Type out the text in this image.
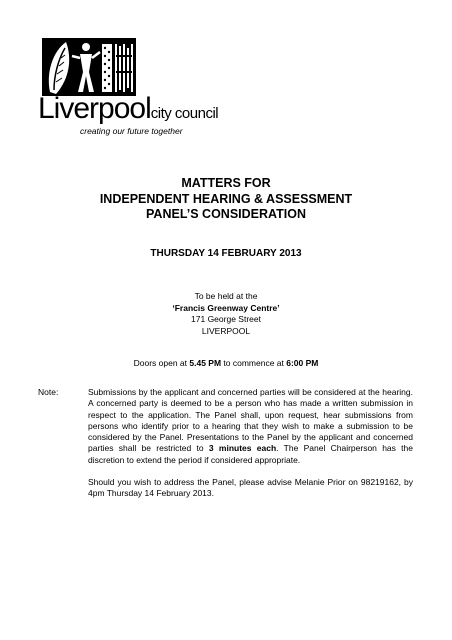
Liverpoolcity council
creating our future together
MATTERS FOR
INDEPENDENT HEARING & ASSESSMENT
PANEL’S CONSIDERATION
THURSDAY 14 FEBRUARY 2013
To be held at the
‘Francis Greenway Centre’
171 George Street
LIVERPOOL
Doors open at 5.45 PM to commence at 6:00 PM
Note:	Submissions by the applicant and concerned parties will be considered at the hearing. A concerned party is deemed to be a person who has made a written submission in respect to the application. The Panel shall, upon request, hear submissions from persons who identify prior to a hearing that they wish to make a submission to be considered by the Panel. Presentations to the Panel by the applicant and concerned parties shall be restricted to 3 minutes each. The Panel Chairperson has the discretion to extend the period if considered appropriate.

Should you wish to address the Panel, please advise Melanie Prior on 98219162, by 4pm Thursday 14 February 2013.
